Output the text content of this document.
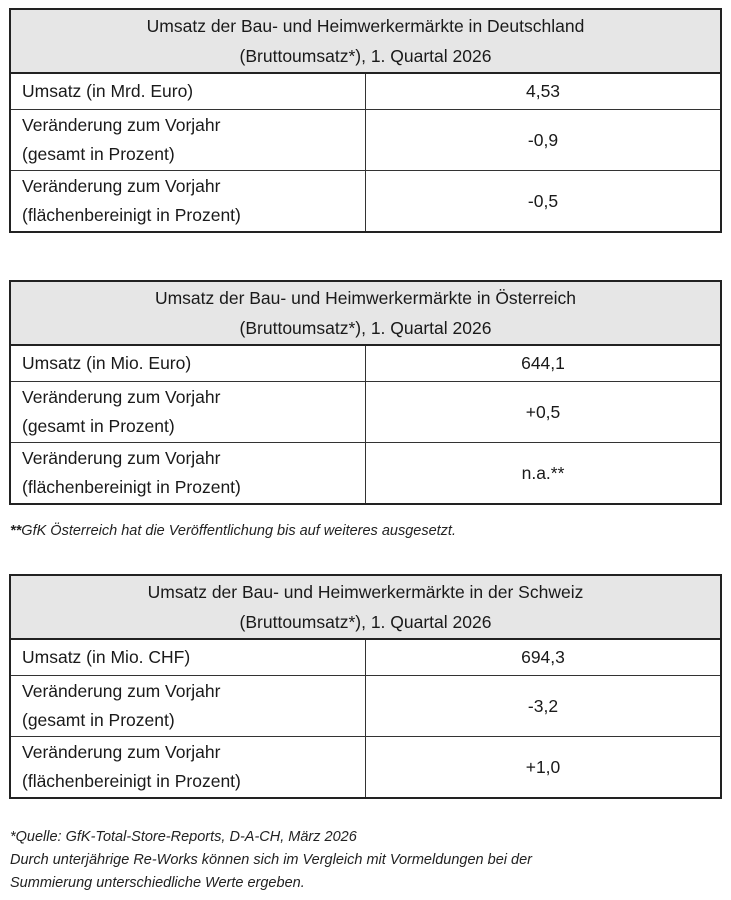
Umsatz der Bau- und Heimwerkermärkte in Deutschland
(Bruttoumsatz*), 1. Quartal 2026	
Umsatz (in Mrd. Euro)	4,53
Veränderung zum Vorjahr
(gesamt in Prozent)	-0,9
Veränderung zum Vorjahr
(flächenbereinigt in Prozent)	-0,5
Umsatz der Bau- und Heimwerkermärkte in Österreich
(Bruttoumsatz*), 1. Quartal 2026	
Umsatz (in Mio. Euro)	644,1
Veränderung zum Vorjahr
(gesamt in Prozent)	+0,5
Veränderung zum Vorjahr
(flächenbereinigt in Prozent)	n.a.**

**GfK Österreich hat die Veröffentlichung bis auf weiteres ausgesetzt.

Umsatz der Bau- und Heimwerkermärkte in der Schweiz
(Bruttoumsatz*), 1. Quartal 2026	
Umsatz (in Mio. CHF)	694,3
Veränderung zum Vorjahr
(gesamt in Prozent)	-3,2
Veränderung zum Vorjahr
(flächenbereinigt in Prozent)	+1,0

*Quelle: GfK-Total-Store-Reports, D-A-CH, März 2026
Durch unterjährige Re-Works können sich im Vergleich mit Vormeldungen bei der
Summierung unterschiedliche Werte ergeben.
